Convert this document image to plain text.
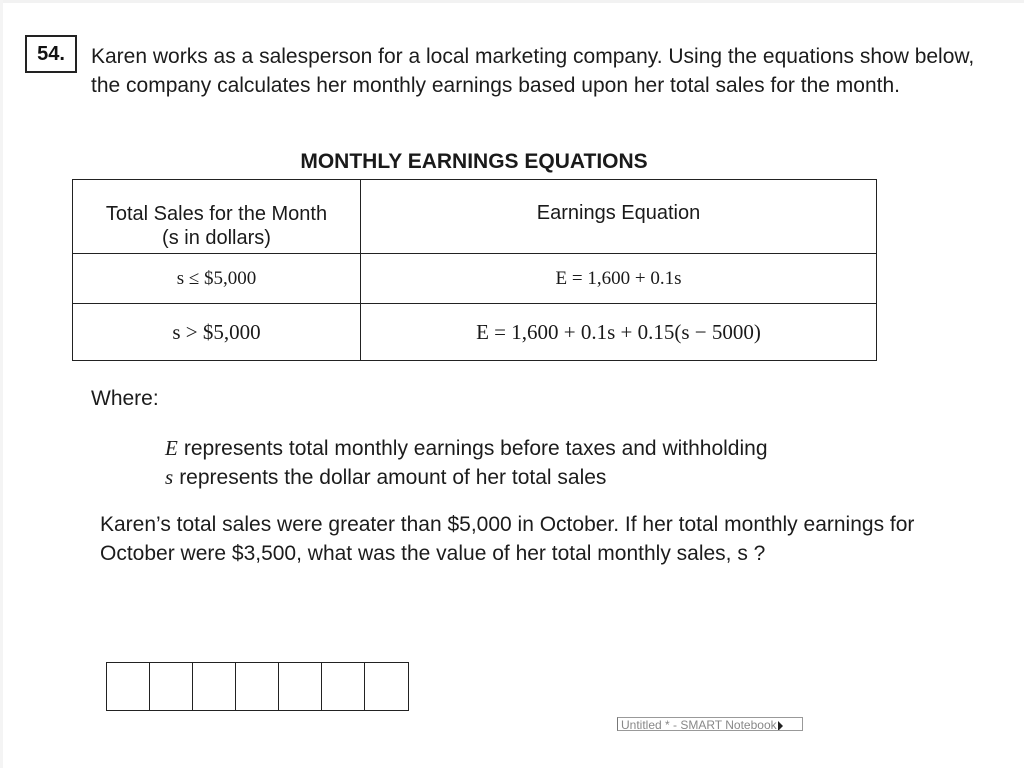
54.	Karen works as a salesperson for a local marketing company. Using the equations show below, the company calculates her monthly earnings based upon her total sales for the month.
MONTHLY EARNINGS EQUATIONS
Total Sales for the Month
(s in dollars)	Earnings Equation
s ≤ $5,000	E = 1,600 + 0.1s
s > $5,000	E = 1,600 + 0.1s + 0.15(s − 5000)
Where:
E represents total monthly earnings before taxes and withholding
s represents the dollar amount of her total sales
Karen’s total sales were greater than $5,000 in October. If her total monthly earnings for October were $3,500, what was the value of her total monthly sales, s ?
Untitled * - SMART Notebook
